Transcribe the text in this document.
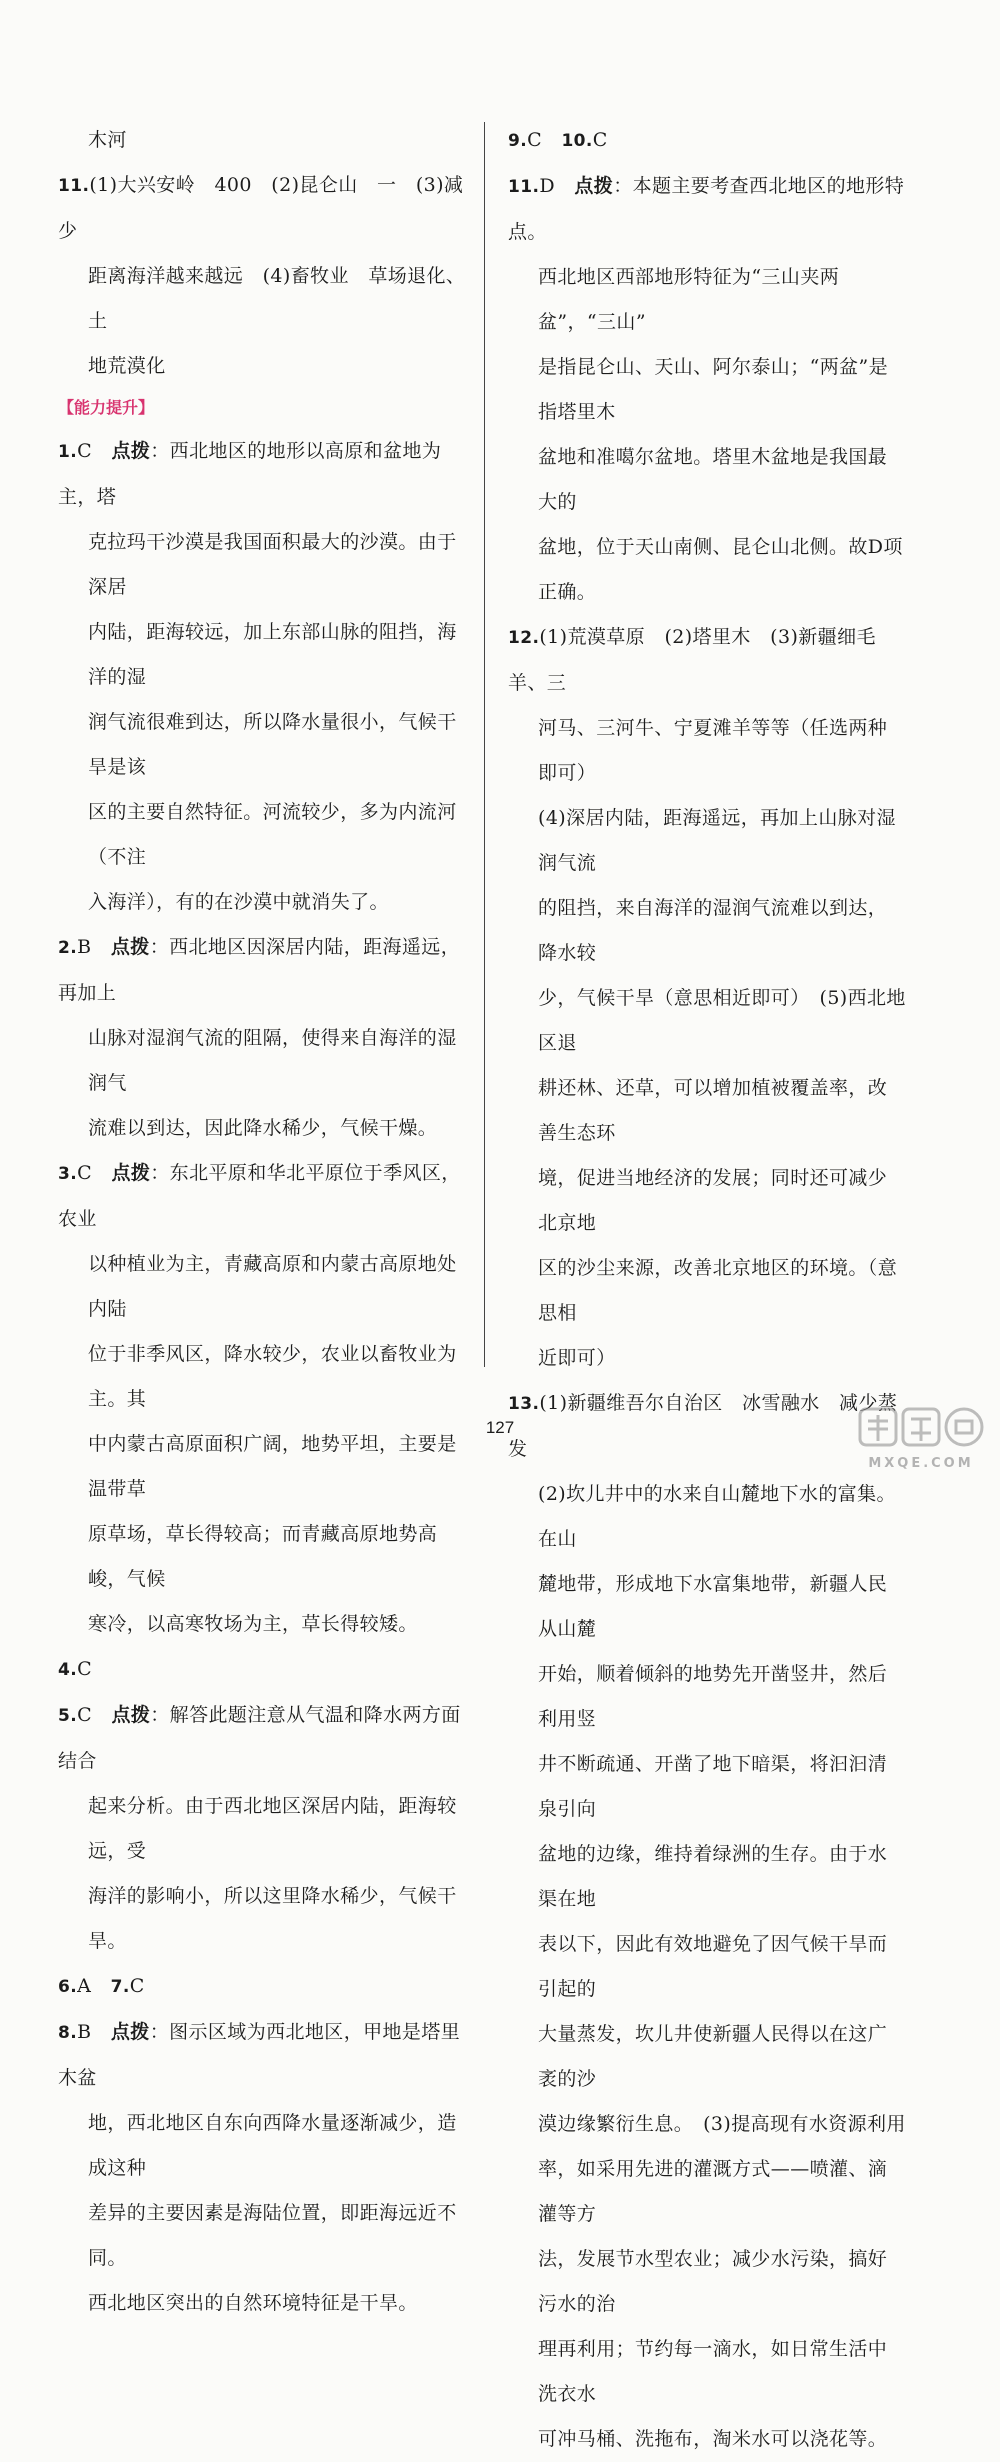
木河

11.(1)大兴安岭　400　(2)昆仑山　一　(3)减少

距离海洋越来越远　(4)畜牧业　草场退化、土

地荒漠化

【能力提升】

1.C　 点拨：西北地区的地形以高原和盆地为主，塔

克拉玛干沙漠是我国面积最大的沙漠。由于深居

内陆，距海较远，加上东部山脉的阻挡，海洋的湿

润气流很难到达，所以降水量很小，气候干旱是该

区的主要自然特征。河流较少，多为内流河（不注

入海洋），有的在沙漠中就消失了。

2.B　 点拨：西北地区因深居内陆，距海遥远，再加上

山脉对湿润气流的阻隔，使得来自海洋的湿润气

流难以到达，因此降水稀少，气候干燥。

3.C　 点拨：东北平原和华北平原位于季风区，农业

以种植业为主，青藏高原和内蒙古高原地处内陆

位于非季风区，降水较少，农业以畜牧业为主。其

中内蒙古高原面积广阔，地势平坦，主要是温带草

原草场，草长得较高；而青藏高原地势高峻，气候

寒冷，以高寒牧场为主，草长得较矮。

4.C

5.C　 点拨：解答此题注意从气温和降水两方面结合

起来分析。由于西北地区深居内陆，距海较远，受

海洋的影响小，所以这里降水稀少，气候干旱。

6.A　 7.C

8.B　 点拨：图示区域为西北地区，甲地是塔里木盆

地，西北地区自东向西降水量逐渐减少，造成这种

差异的主要因素是海陆位置，即距海远近不同。

西北地区突出的自然环境特征是干旱。

9.C　 10.C

11.D　 点拨：本题主要考查西北地区的地形特点。

西北地区西部地形特征为“三山夹两盆”，“三山”

是指昆仑山、天山、阿尔泰山；“两盆”是指塔里木

盆地和准噶尔盆地。塔里木盆地是我国最大的

盆地，位于天山南侧、昆仑山北侧。故D项正确。

12.(1)荒漠草原　(2)塔里木　(3)新疆细毛羊、三

河马、三河牛、宁夏滩羊等等（任选两种即可）

(4)深居内陆，距海遥远，再加上山脉对湿润气流

的阻挡，来自海洋的湿润气流难以到达，降水较

少，气候干旱（意思相近即可）　(5)西北地区退

耕还林、还草，可以增加植被覆盖率，改善生态环

境，促进当地经济的发展；同时还可减少北京地

区的沙尘来源，改善北京地区的环境。（意思相

近即可）

13.(1)新疆维吾尔自治区　冰雪融水　减少蒸发

(2)坎儿井中的水来自山麓地下水的富集。在山

麓地带，形成地下水富集地带，新疆人民从山麓

开始，顺着倾斜的地势先开凿竖井，然后利用竖

井不断疏通、开凿了地下暗渠，将汩汩清泉引向

盆地的边缘，维持着绿洲的生存。由于水渠在地

表以下，因此有效地避免了因气候干旱而引起的

大量蒸发，坎儿井使新疆人民得以在这广袤的沙

漠边缘繁衍生息。　(3)提高现有水资源利用

率，如采用先进的灌溉方式——喷灌、滴灌等方

法，发展节水型农业；减少水污染，搞好污水的治

理再利用；节约每一滴水，如日常生活中洗衣水

可冲马桶、洗拖布，淘米水可以浇花等。

127
MXQE.COM
